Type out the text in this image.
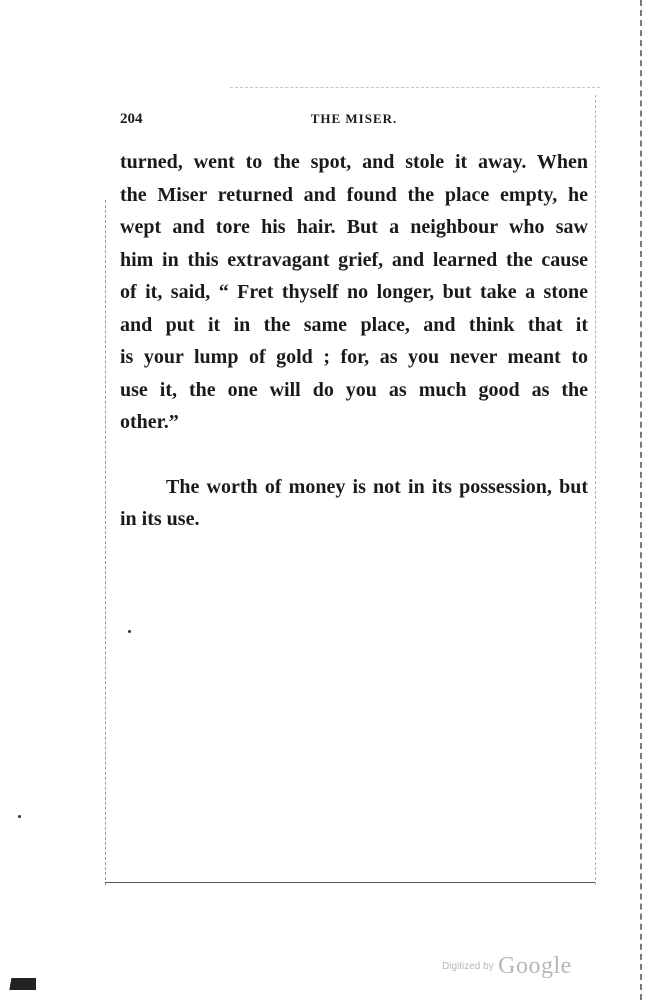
204	THE MISER.

turned, went to the spot, and stole it away. When
the Miser returned and found the place empty, he
wept and tore his hair. But a neighbour who saw
him in this extravagant grief, and learned the cause
of it, said, “ Fret thyself no longer, but take a stone
and put it in the same place, and think that it
is your lump of gold ; for, as you never meant to
use it, the one will do you as much good as the
other.”

The worth of money is not in its possession, but
in its use.

Digitized by Google
